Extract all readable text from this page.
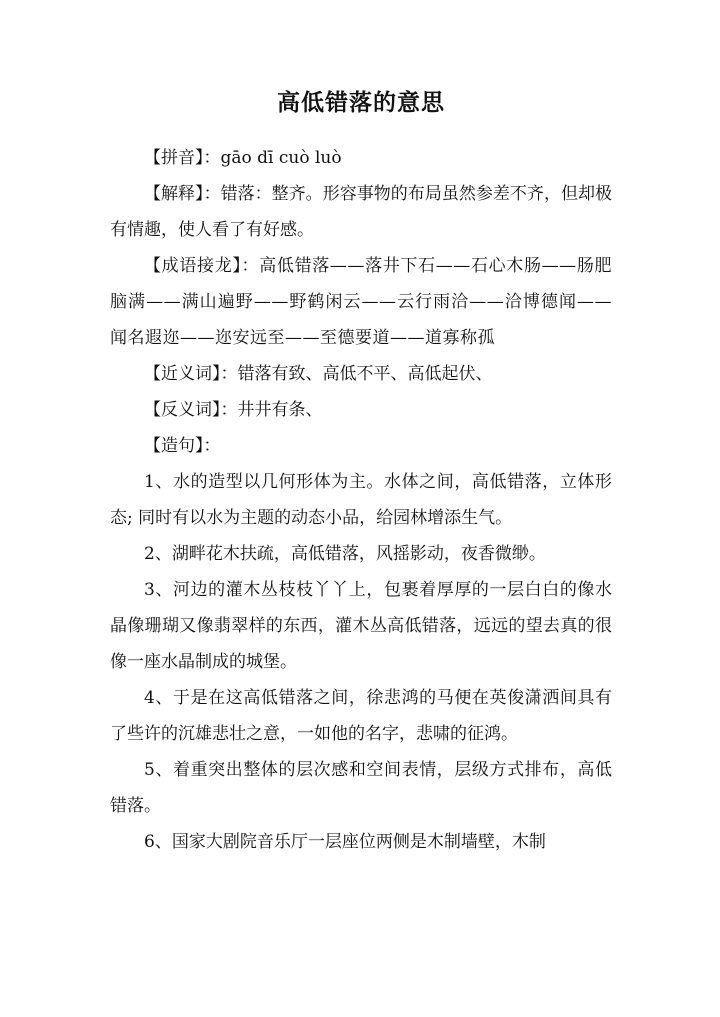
高低错落的意思

【拼音】：gāo dī cuò luò

【解释】：错落：整齐。形容事物的布局虽然参差不齐，但却极有情趣，使人看了有好感。

【成语接龙】：高低错落——落井下石——石心木肠——肠肥脑满——满山遍野——野鹤闲云——云行雨洽——洽博德闻——闻名遐迩——迩安远至——至德要道——道寡称孤

【近义词】：错落有致、高低不平、高低起伏、

【反义词】：井井有条、

【造句】：

1、水的造型以几何形体为主。水体之间，高低错落，立体形态; 同时有以水为主题的动态小品，给园林增添生气。

2、湖畔花木扶疏，高低错落，风摇影动，夜香微缈。

3、河边的灌木丛枝枝丫丫上，包裹着厚厚的一层白白的像水晶像珊瑚又像翡翠样的东西，灌木丛高低错落，远远的望去真的很像一座水晶制成的城堡。

4、于是在这高低错落之间，徐悲鸿的马便在英俊潇洒间具有了些许的沉雄悲壮之意，一如他的名字，悲啸的征鸿。

5、着重突出整体的层次感和空间表情，层级方式排布，高低错落。

6、国家大剧院音乐厅一层座位两侧是木制墙壁，木制
